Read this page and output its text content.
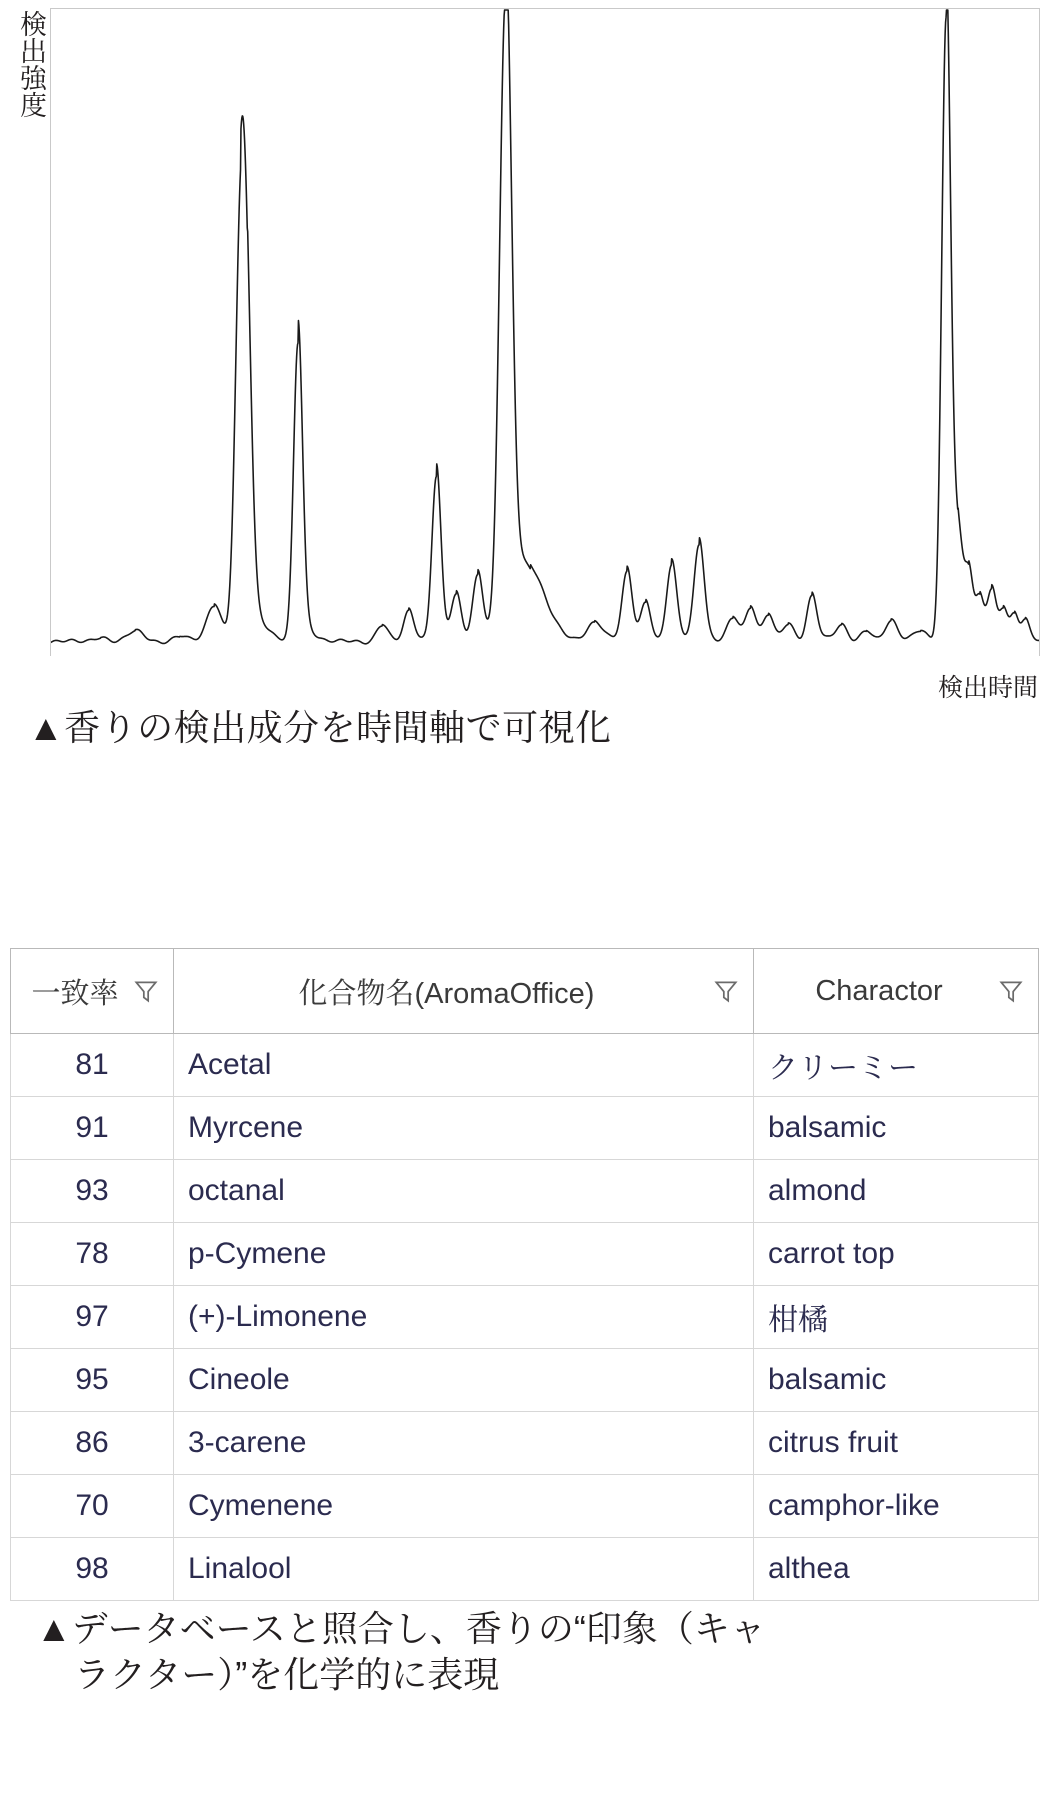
検出強度
検出時間
▲香りの検出成分を時間軸で可視化
一致率	化合物名(AromaOffice)	Charactor

81	Acetal	クリーミー
91	Myrcene	balsamic
93	octanal	almond
78	p-Cymene	carrot top
97	(+)-Limonene	柑橘
95	Cineole	balsamic
86	3-carene	citrus fruit
70	Cymenene	camphor-like
98	Linalool	althea
▲データベースと照合し、香りの“印象（キャ
ラクター）”を化学的に表現
